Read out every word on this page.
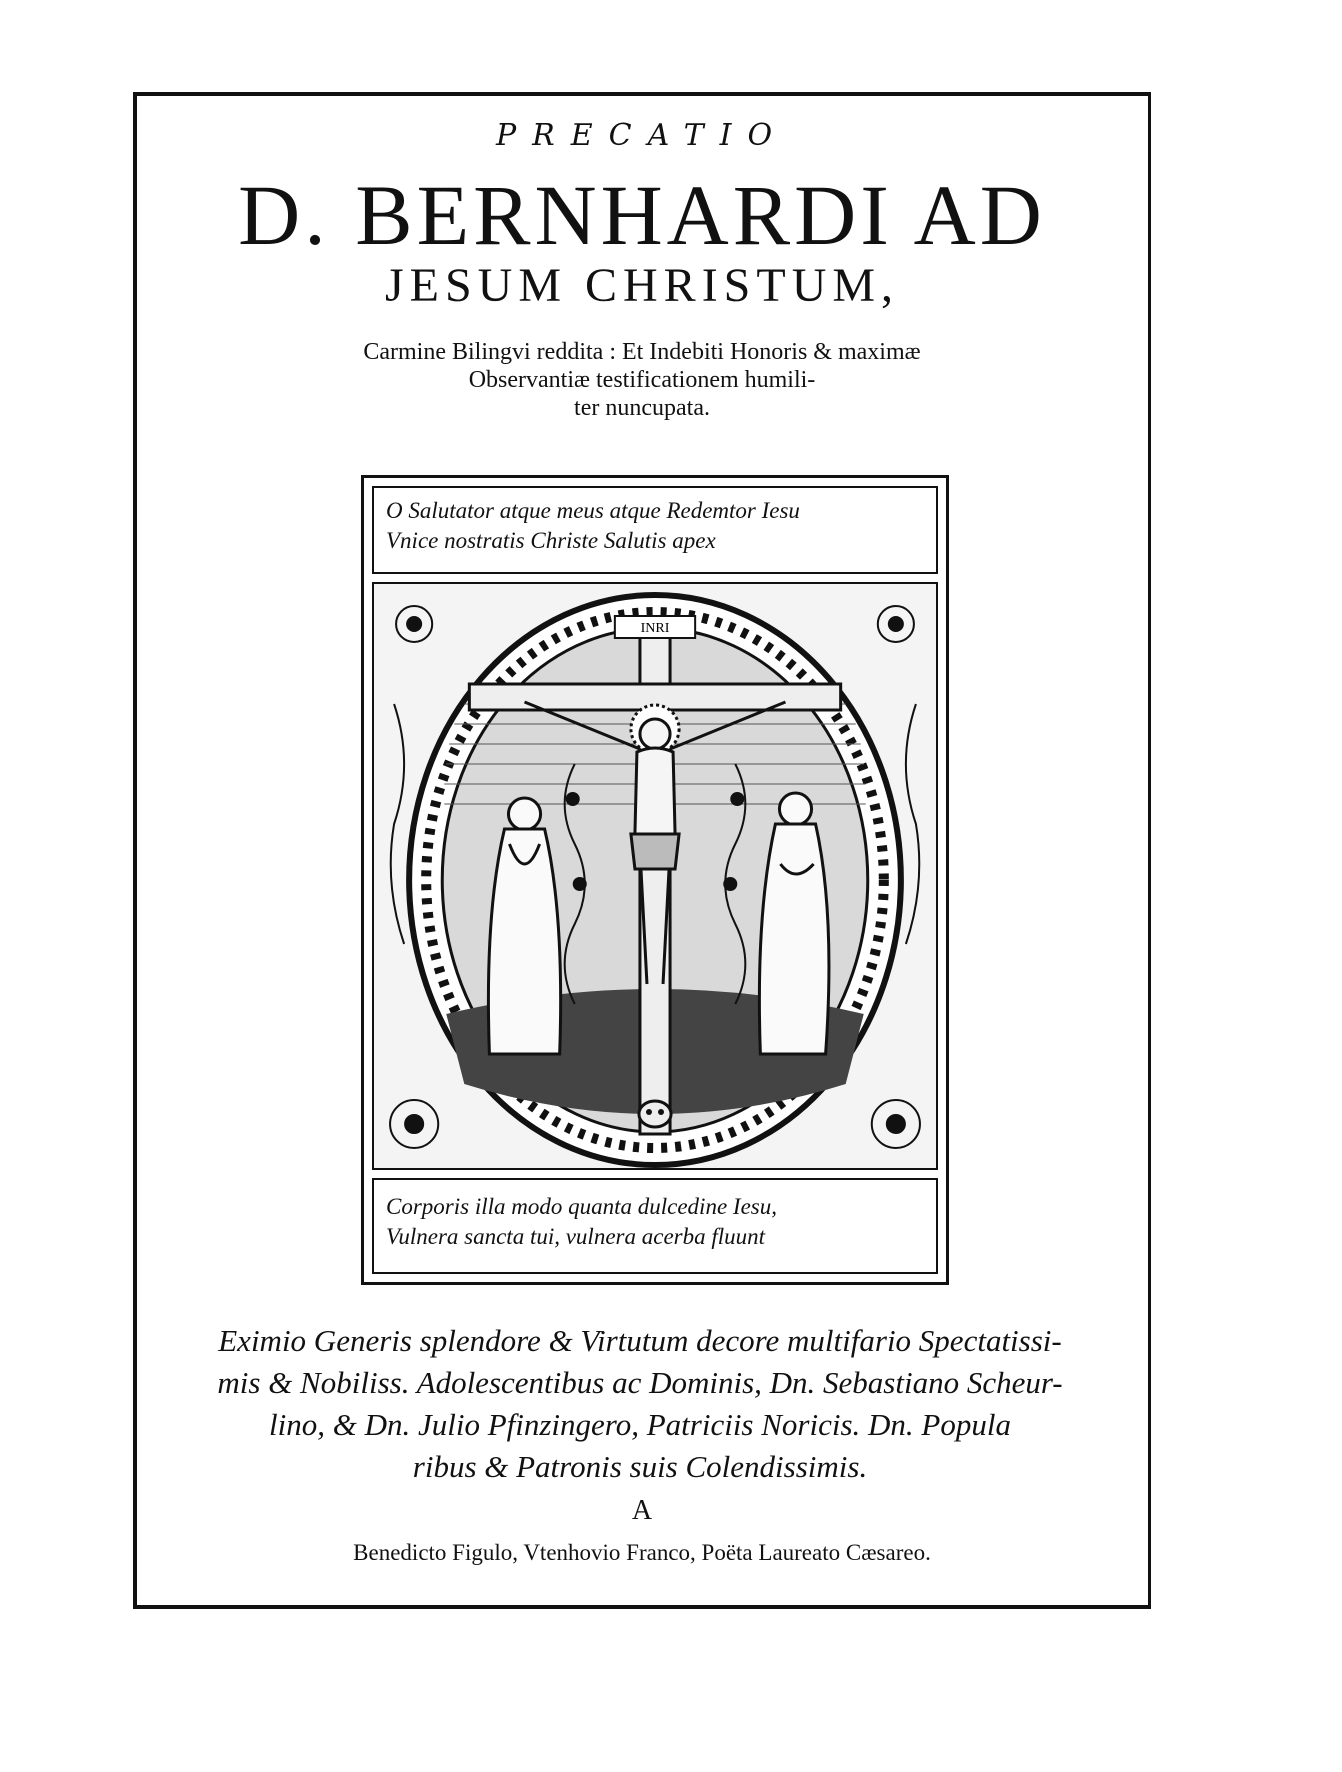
PRECATIO
D. BERNHARDI AD
JESUM CHRISTUM,
Carmine Bilingvi reddita : Et Indebiti Honoris & maximæ
Observantiæ testificationem humili-
ter nuncupata.
O Salutator atque meus atque Redemtor Iesu
Vnice nostratis Christe Salutis apex
INRI
Corporis illa modo quanta dulcedine Iesu,
Vulnera sancta tui, vulnera acerba fluunt
Eximio Generis splendore & Virtutum decore multifario Spectatissi-
mis & Nobiliss. Adolescentibus ac Dominis, Dn. Sebastiano Scheur-
lino, & Dn. Julio Pfinzingero, Patriciis Noricis. Dn. Popula
ribus & Patronis suis Colendissimis.
A
Benedicto Figulo, Vtenhovio Franco, Poëta Laureato Cæsareo.
